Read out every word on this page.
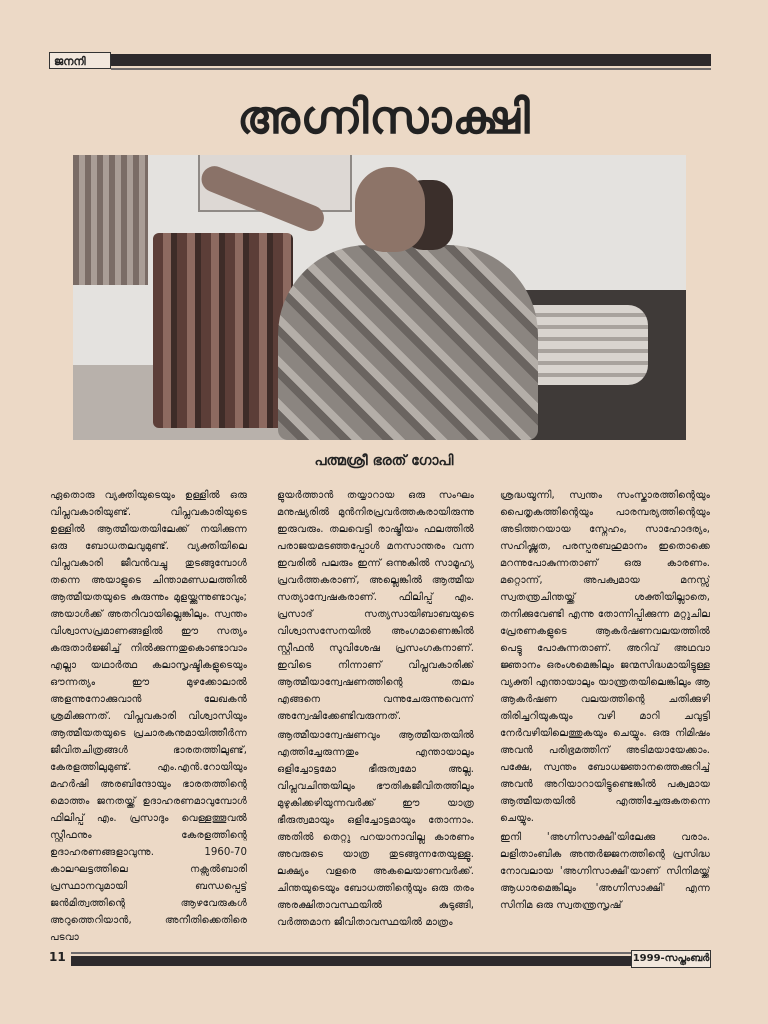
ജനനി
അഗ്നിസാക്ഷി
പത്മശ്രീ ഭരത് ഗോപി

ഏതൊരു വ്യക്തിയുടെയും ഉള്ളിൽ ഒരു വിപ്ലവകാരിയുണ്ട്. വിപ്ലവകാരിയുടെ ഉള്ളിൽ ആത്മീയതയിലേക്ക് നയിക്കുന്ന ഒരു ബോധതലവുമുണ്ട്. വ്യക്തിയിലെ വിപ്ലവകാരി ജീവൻവച്ചു തുടങ്ങുമ്പോൾ തന്നെ അയാളുടെ ചിന്താമണ്ഡലത്തിൽ ആത്മീയതയുടെ കുരുന്നും മുളയ്ക്കുന്നുണ്ടാവും; അയാൾക്ക് അതറിവായില്ലെങ്കിലും. സ്വന്തം വിശ്വാസപ്രമാണങ്ങളിൽ ഈ സത്യം കരുതാർജ്ജിച്ച് നിൽക്കുന്നതുകൊണ്ടാവാം എല്ലാ യഥാർത്ഥ കലാസൃഷ്ടികളുടെയും ഔന്നത്യം ഈ മുഴക്കോലാൽ അളന്നുനോക്കുവാൻ ലേഖകൻ ശ്രമിക്കുന്നത്. വിപ്ലവകാരി വിശ്വാസിയും ആത്മീയതയുടെ പ്രചാരകനുമായിത്തീർന്ന ജീവിതചിത്രങ്ങൾ ഭാരതത്തിലുണ്ട്, കേരളത്തിലുമുണ്ട്. എം.എൻ.റോയിയും മഹർഷി അരബിന്ദോയും ഭാരതത്തിന്റെ മൊത്തം ജനതയ്ക്ക് ഉദാഹരണമാവുമ്പോൾ ഫിലിപ്പ് എം. പ്രസാദും വെള്ളത്തൂവൽ സ്റ്റീഫനും കേരളത്തിന്റെ ഉദാഹരണങ്ങളാവുന്നു. 1960-70 കാലഘട്ടത്തിലെ നക്സൽബാരി പ്രസ്ഥാനവുമായി ബന്ധപ്പെട്ട് ജൻമിത്വത്തിന്റെ ആഴവേരുകൾ അറുത്തെറിയാൻ, അനീതിക്കെതിരെ പടവാ

ളുയർത്താൻ തയ്യാറായ ഒരു സംഘം മനുഷ്യരിൽ മുൻനിരപ്രവർത്തകരായിരുന്നു ഇരുവരും. തലവെട്ടി രാഷ്ട്രീയം ഫലത്തിൽ പരാജയമടഞ്ഞപ്പോൾ മനസാന്തരം വന്ന ഇവരിൽ പലരും ഇന്ന് ഒന്നുകിൽ സാമൂഹ്യ പ്രവർത്തകരാണ്, അല്ലെങ്കിൽ ആത്മീയ സത്യാന്വേഷകരാണ്. ഫിലിപ്പ് എം. പ്രസാദ് സത്യസായിബാബയുടെ വിശ്വാസസേനയിൽ അംഗമാണെങ്കിൽ സ്റ്റീഫൻ സുവിശേഷ പ്രസംഗകനാണ്. ഇവിടെ നിന്നാണ് വിപ്ലവകാരിക്ക് ആത്മീയാന്വേഷണത്തിന്റെ തലം എങ്ങനെ വന്നുചേരുന്നുവെന്ന് അന്വേഷിക്കേണ്ടിവരുന്നത്.

ആത്മീയാന്വേഷണവും ആത്മീയതയിൽ എത്തിച്ചേരുന്നതും എന്തായാലും ഒളിച്ചോട്ടമോ ഭീരുത്വമോ അല്ല. വിപ്ലവചിന്തയിലും ഭൗതികജീവിതത്തിലും മുഴുകിക്കഴിയുന്നവർക്ക് ഈ യാത്ര ഭീരുത്വമായും ഒളിച്ചോട്ടമായും തോന്നാം. അതിൽ തെറ്റു പറയാനാവില്ല കാരണം അവരുടെ യാത്ര തുടങ്ങുന്നതേയുള്ളൂ. ലക്ഷ്യം വളരെ അകലെയാണവർക്ക്. ചിന്തയുടെയും ബോധത്തിന്റെയും ഒരു തരം അരക്ഷിതാവസ്ഥയിൽ കുടുങ്ങി, വർത്തമാന ജീവിതാവസ്ഥയിൽ മാത്രം

ശ്രദ്ധയൂന്നി, സ്വന്തം സംസ്കാരത്തിന്റെയും പൈതൃകത്തിന്റെയും പാരമ്പര്യത്തിന്റെയും അടിത്തറയായ സ്നേഹം, സാഹോദര്യം, സഹിഷ്ണുത, പരസ്പരബഹുമാനം ഇതൊക്കെ മറന്നുപോകുന്നതാണ് ഒരു കാരണം. മറ്റൊന്ന്, അപക്വമായ മനസ്സ് സ്വതന്ത്രചിന്തയ്ക്ക് ശക്തിയില്ലാതെ, തനിക്കുവേണ്ടി എന്നു തോന്നിപ്പിക്കുന്ന മറ്റുചില പ്രേരണകളുടെ ആകർഷണവലയത്തിൽ പെട്ടു പോകുന്നതാണ്. അറിവ് അഥവാ ജ്ഞാനം ഒരംശമെങ്കിലും ജന്മസിദ്ധമായിട്ടുള്ള വ്യക്തി എന്തായാലും യാന്ത്രതയിലെങ്കിലും ആ ആകർഷണ വലയത്തിന്റെ ചതിക്കുഴി തിരിച്ചറിയുകയും വഴി മാറി ചവുട്ടി നേർവഴിയിലെത്തുകയും ചെയ്യും. ഒരു നിമിഷം അവൻ പരിഭ്രമത്തിന് അടിമയായേക്കാം. പക്ഷേ, സ്വന്തം ബോധജ്ഞാനത്തെക്കുറിച്ച് അവൻ അറിയാറായിട്ടുണ്ടെങ്കിൽ പക്വമായ ആത്മീയതയിൽ എത്തിച്ചേരുകതന്നെ ചെയ്യും.

ഇനി 'അഗ്നിസാക്ഷി'യിലേക്കു വരാം. ലളിതാംബിക അന്തർജ്ജനത്തിന്റെ പ്രസിദ്ധ നോവലായ 'അഗ്നിസാക്ഷി'യാണ് സിനിമയ്ക്ക് ആധാരമെങ്കിലും 'അഗ്നിസാക്ഷി' എന്ന സിനിമ ഒരു സ്വതന്ത്രസൃഷ്

11	1999-സപ്തംബർ
